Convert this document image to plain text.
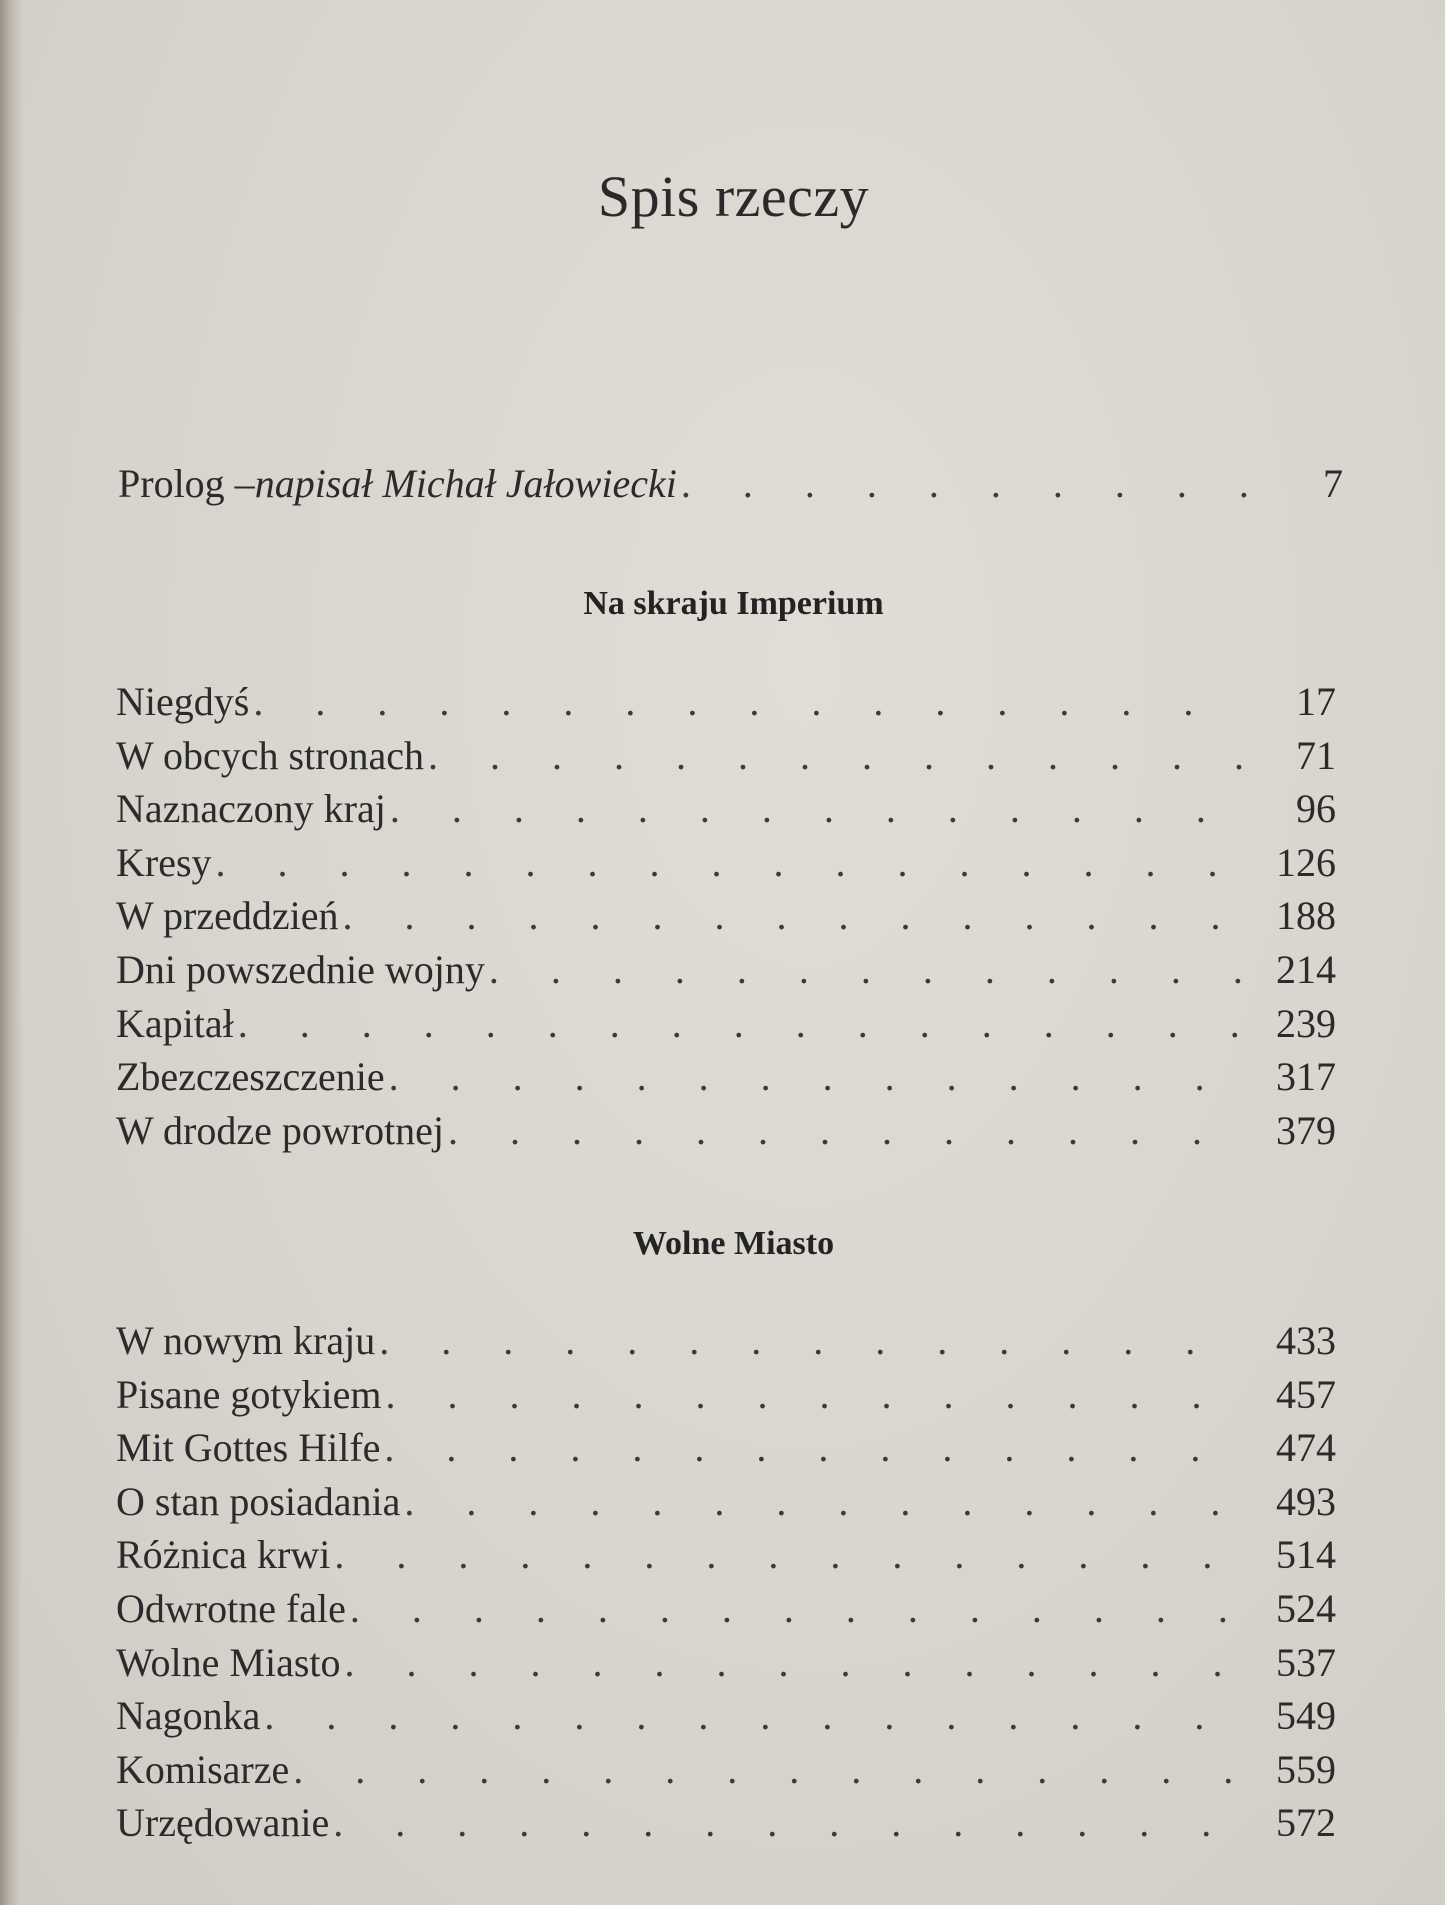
Spis rzeczy
Prolog – napisał Michał Jałowiecki . . .	7
Na skraju Imperium
Niegdyś . . .	17
W obcych stronach . . .	71
Naznaczony kraj . . .	96
Kresy . . .	126
W przeddzień . . .	188
Dni powszednie wojny . . .	214
Kapitał . . .	239
Zbezczeszczenie . . .	317
W drodze powrotnej . . .	379
Wolne Miasto
W nowym kraju . . .	433
Pisane gotykiem . . .	457
Mit Gottes Hilfe . . .	474
O stan posiadania . . .	493
Różnica krwi . . .	514
Odwrotne fale . . .	524
Wolne Miasto . . .	537
Nagonka . . .	549
Komisarze . . .	559
Urzędowanie . . .	572
